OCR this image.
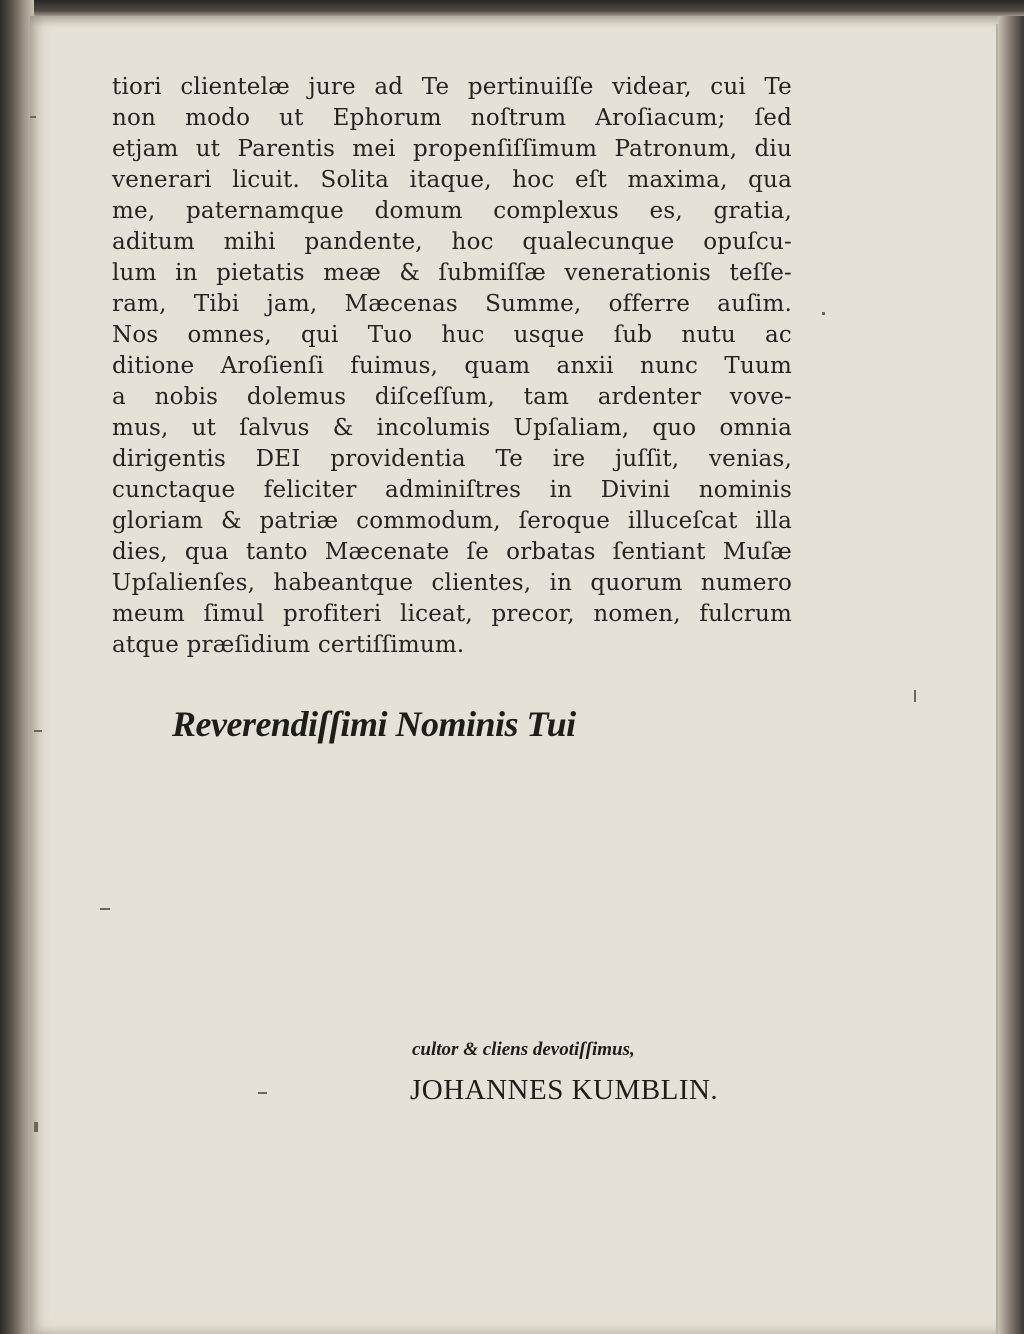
tiori clientelæ jure ad Te pertinuiſſe videar, cui Te
non modo ut Ephorum noſtrum Aroſiacum; ſed
etjam ut Parentis mei propenſiſſimum Patronum, diu
venerari licuit. Solita itaque, hoc eſt maxima, qua
me, paternamque domum complexus es, gratia,
aditum mihi pandente, hoc qualecunque opuſcu-
lum in pietatis meæ & ſubmiſſæ venerationis teſſe-
ram, Tibi jam, Mæcenas Summe, offerre auſim.
Nos omnes, qui Tuo huc usque ſub nutu ac
ditione Aroſienſi fuimus, quam anxii nunc Tuum
a nobis dolemus diſceſſum, tam ardenter vove-
mus, ut ſalvus & incolumis Upſaliam, quo omnia
dirigentis DEI providentia Te ire juſſit, venias,
cunctaque feliciter adminiſtres in Divini nominis
gloriam & patriæ commodum, ſeroque illuceſcat illa
dies, qua tanto Mæcenate ſe orbatas ſentiant Muſæ
Upſalienſes, habeantque clientes, in quorum numero
meum ſimul profiteri liceat, precor, nomen, fulcrum
atque præſidium certiſſimum.

Reverendiſſimi Nominis Tui

cultor & cliens devotiſſimus,
JOHANNES KUMBLIN.
